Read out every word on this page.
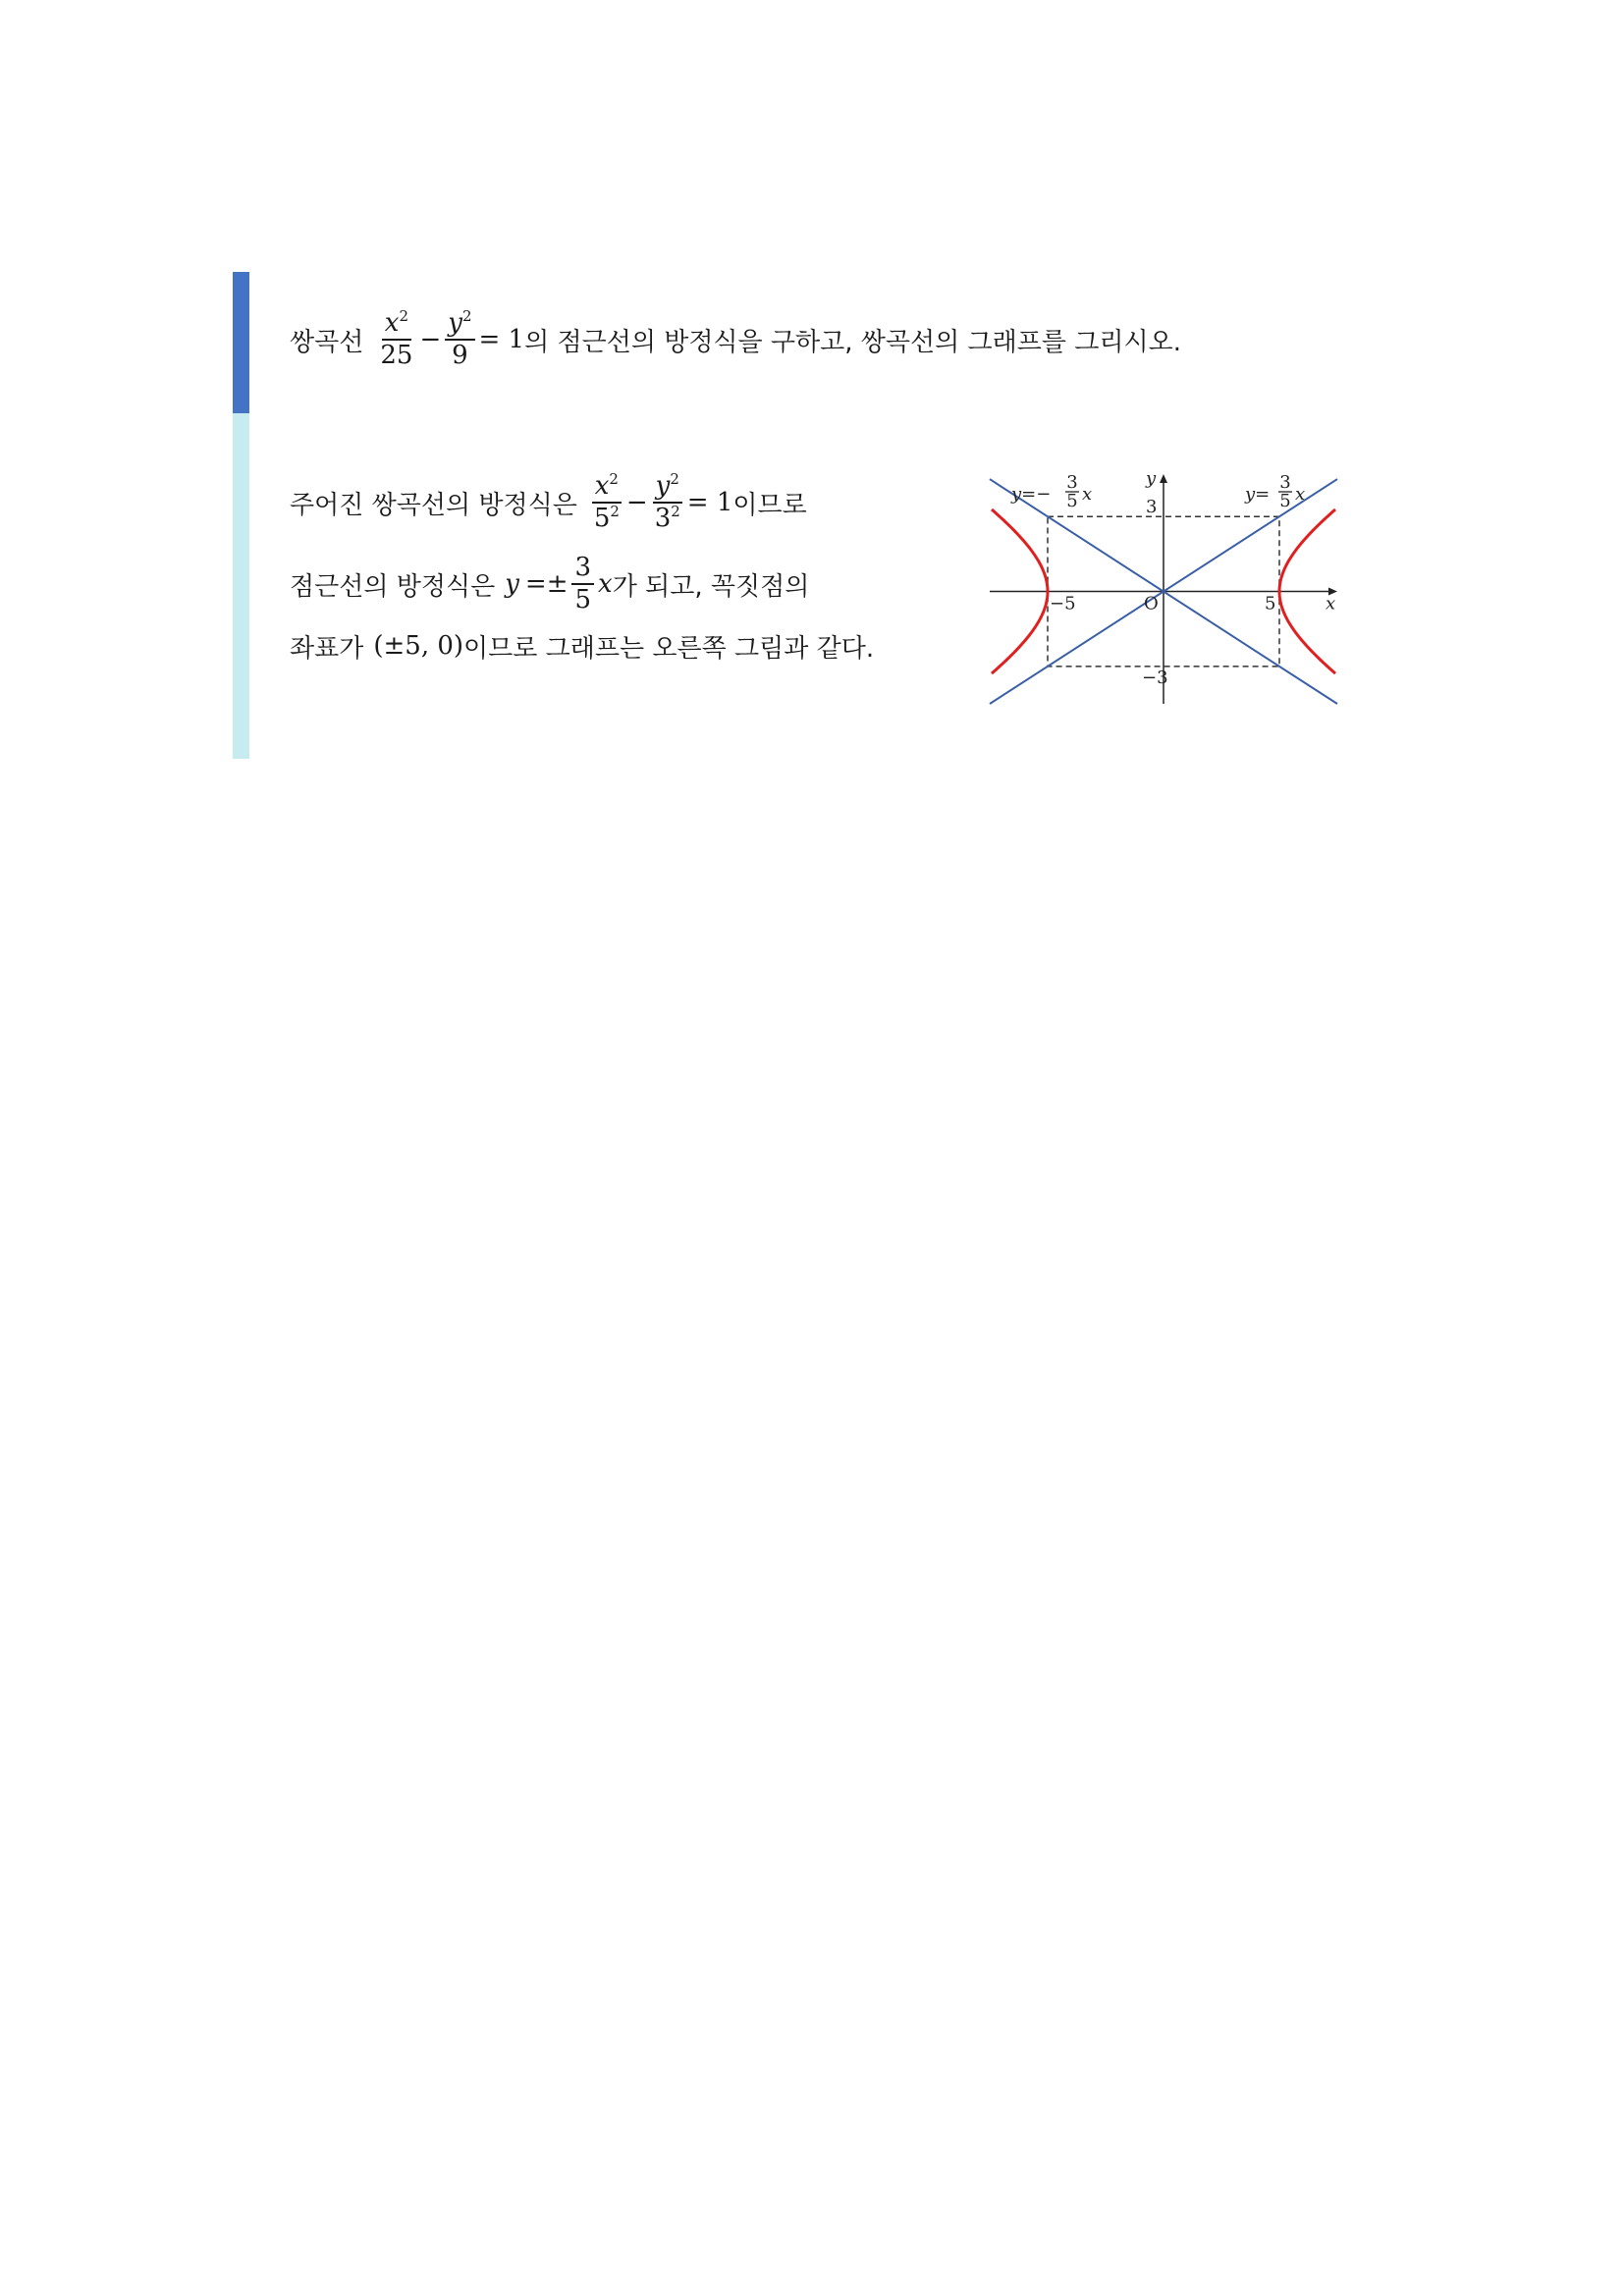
쌍곡선 $\frac{x^2}{25} - \frac{y^2}{9} = 1$ 의 점근선의 방정식을 구하고, 쌍곡선의 그래프를 그리시오.
주어진 쌍곡선의 방정식은 $\frac{x^2}{5^2} - \frac{y^2}{3^2} = 1$ 이므로
점근선의 방정식은 $y =\pm \frac{3}{5}$ x 가 되고, 꼭짓점의
좌표가 (±5, 0) 이므로 그래프는 오른쪽 그림과 같다.
x
y
O
−5	5
3
−3
y=−
3
5 x	y=
3
5 x
